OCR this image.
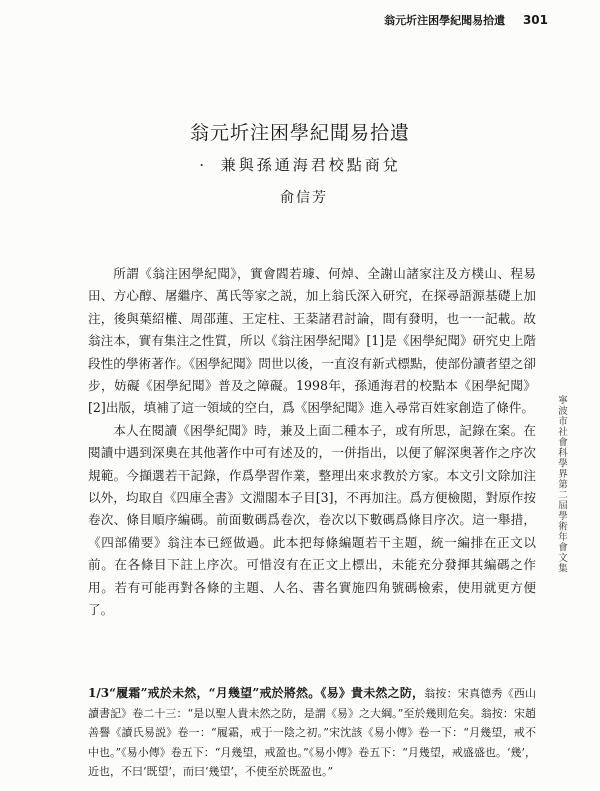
翁元圻注困學紀聞易拾遺 301
翁元圻注困學紀聞易拾遺
· 兼與孫通海君校點商兌
俞信芳

所謂《翁注困學紀聞》，實會閻若璩、何焯、全謝山諸家注及方樸山、程易田、方心醇、屠繼序、萬氏等家之説，加上翁氏深入研究，在探尋語源基礎上加注，後與葉紹權、周邵蓮、王定柱、王棻諸君討論，間有發明，也一一記載。故翁注本，實有集注之性質，所以《翁注困學紀聞》[1]是《困學紀聞》研究史上階段性的學術著作。《困學紀聞》問世以後，一直沒有新式標點，使部份讀者望之卻步，妨礙《困學紀聞》普及之障礙。1998年，孫通海君的校點本《困學紀聞》[2]出版，填補了這一領域的空白，爲《困學紀聞》進入尋常百姓家創造了條件。

本人在閱讀《困學紀聞》時，兼及上面二種本子，或有所思，記錄在案。在閱讀中遇到深奧在其他著作中可有述及的，一併指出，以便了解深奥著作之序次規範。今擷選若干記錄，作爲學習作業，整理出來求教於方家。本文引文除加注以外，均取自《四庫全書》文淵閣本子目[3]，不再加注。爲方便檢閲，對原作按卷次、條目順序編碼。前面數碼爲卷次，卷次以下數碼爲條目序次。這一舉措，《四部備要》翁注本已經做過。此本把每條編題若干主題，統一編排在正文以前。在各條目下註上序次。可惜沒有在正文上標出，未能充分發揮其編碼之作用。若有可能再對各條的主題、人名、書名實施四角號碼檢索，使用就更方便了。

1/3“履霜”戒於未然，“月幾望”戒於將然。《易》貴未然之防，翁按：宋真德秀《西山讀書記》卷二十三：“是以聖人貴未然之防，是謂《易》之大綱。”至於幾則危矣。翁按：宋趙善譽《讀氏易説》卷一：“履霜，戒于一陰之初。”宋沈該《易小傳》卷一下：“月幾望，戒不中也。”《易小傳》卷五下：“月幾望，戒盈也。”《易小傳》卷五下：“月幾望，戒盛盛也。‘幾’，近也，不曰‘既望’，而曰‘幾望’，不使至於既盈也。”
寧波市社會科學界第二屆學術年會文集
